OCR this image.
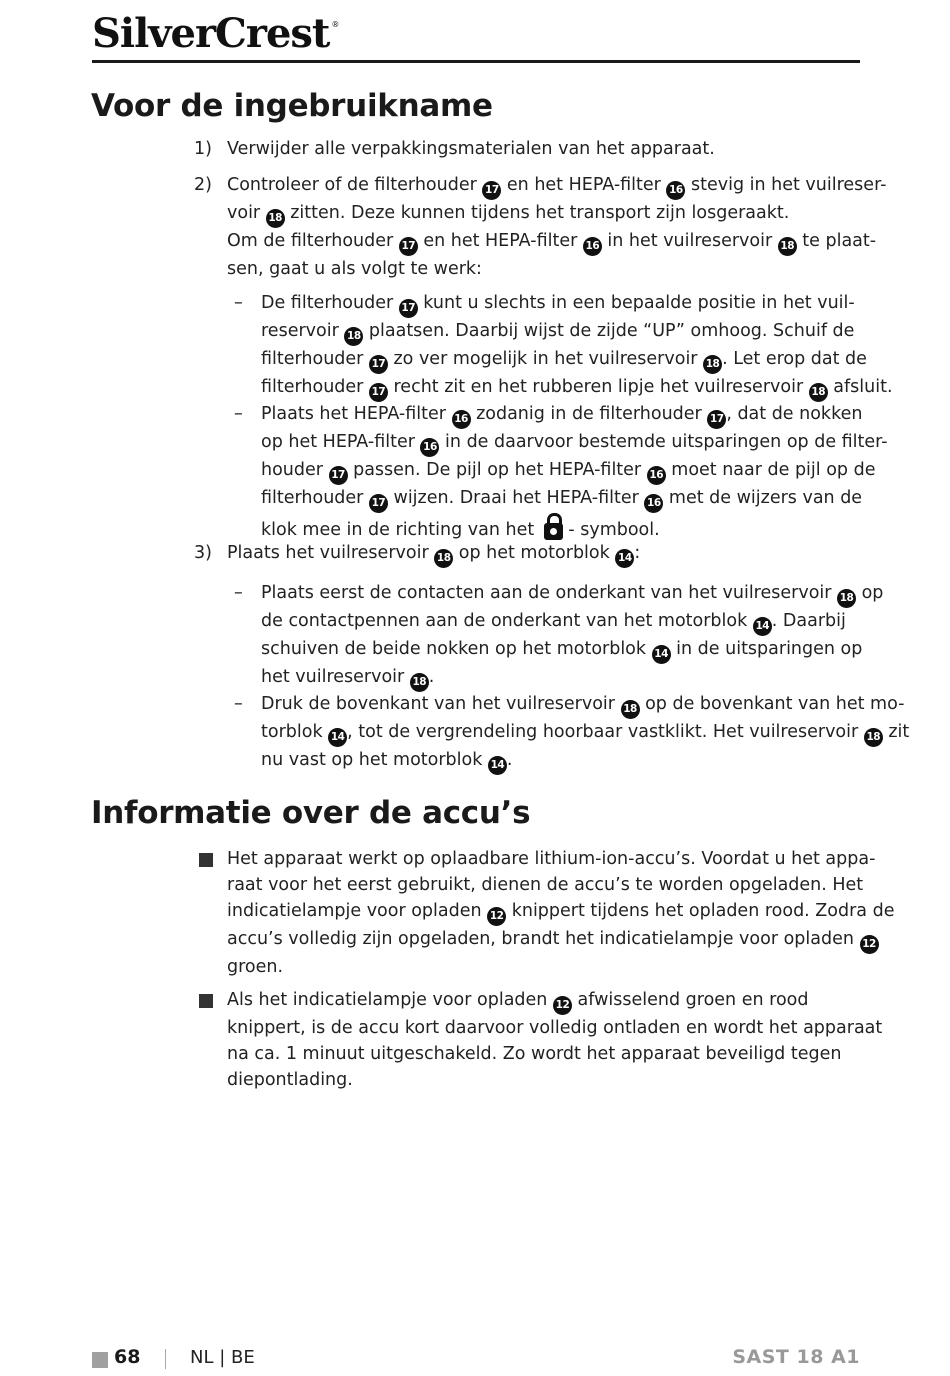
SilverCrest ®
Voor de ingebruikname
1) Verwijder alle verpakkingsmaterialen van het apparaat.
2) Controleer of de filterhouder 17 en het HEPA-filter 16 stevig in het vuilreser-
voir 18 zitten. Deze kunnen tijdens het transport zijn losgeraakt.
Om de filterhouder 17 en het HEPA-filter 16 in het vuilreservoir 18 te plaat-
sen, gaat u als volgt te werk:
– De filterhouder 17 kunt u slechts in een bepaalde positie in het vuil-
reservoir 18 plaatsen. Daarbij wijst de zijde “UP” omhoog. Schuif de
filterhouder 17 zo ver mogelijk in het vuilreservoir 18 . Let erop dat de
filterhouder 17 recht zit en het rubberen lipje het vuilreservoir 18 afsluit.
– Plaats het HEPA-filter 16 zodanig in de filterhouder 17 , dat de nokken
op het HEPA-filter 16 in de daarvoor bestemde uitsparingen op de filter-
houder 17 passen. De pijl op het HEPA-filter 16 moet naar de pijl op de
filterhouder 17 wijzen. Draai het HEPA-filter 16 met de wijzers van de
klok mee in de richting van het
- symbool.
3) Plaats het vuilreservoir 18 op het motorblok 14 :
– Plaats eerst de contacten aan de onderkant van het vuilreservoir 18 op
de contactpennen aan de onderkant van het motorblok 14 . Daarbij
schuiven de beide nokken op het motorblok 14 in de uitsparingen op
het vuilreservoir 18 .
– Druk de bovenkant van het vuilreservoir 18 op de bovenkant van het mo-
torblok 14 , tot de vergrendeling hoorbaar vastklikt. Het vuilreservoir 18 zit
nu vast op het motorblok 14 .
Informatie over de accu’s
Het apparaat werkt op oplaadbare lithium-ion-accu’s. Voordat u het appa-
raat voor het eerst gebruikt, dienen de accu’s te worden opgeladen. Het
indicatielampje voor opladen 12 knippert tijdens het opladen rood. Zodra de
accu’s volledig zijn opgeladen, brandt het indicatielampje voor opladen 12
groen.
Als het indicatielampje voor opladen 12 afwisselend groen en rood
knippert, is de accu kort daarvoor volledig ontladen en wordt het apparaat
na ca. 1 minuut uitgeschakeld. Zo wordt het apparaat beveiligd tegen
diepontlading.
68	NL | BE	SAST 18 A1
